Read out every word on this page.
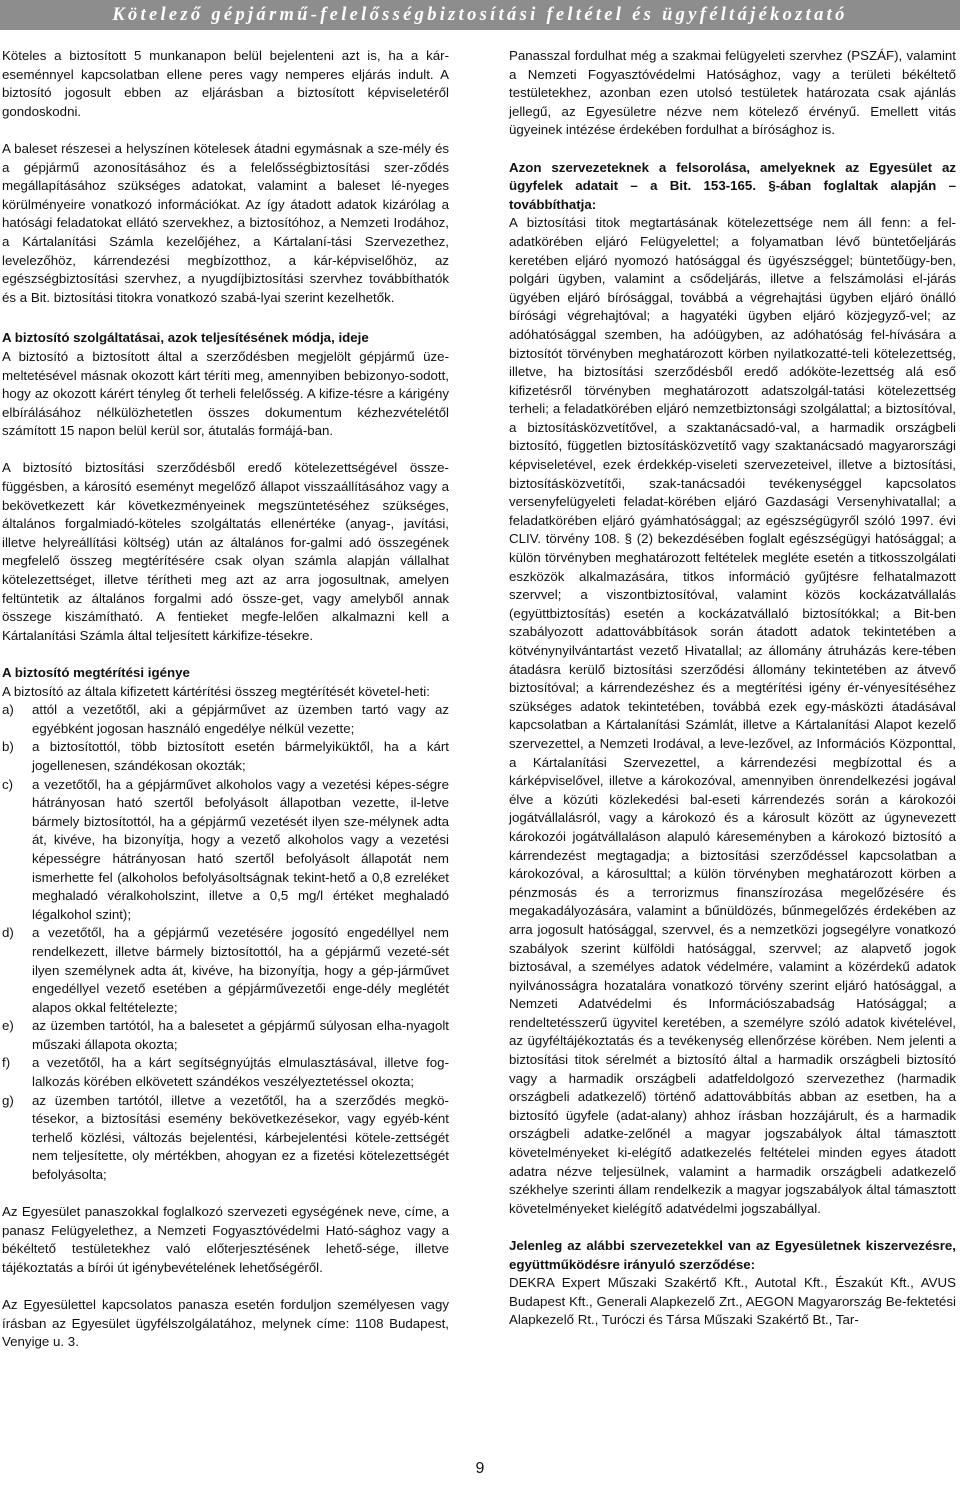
Kötelező gépjármű-felelősségbiztosítási feltétel és ügyféltájékoztató

Köteles a biztosított 5 munkanapon belül bejelenteni azt is, ha a kár-eseménnyel kapcsolatban ellene peres vagy nemperes eljárás indult. A biztosító jogosult ebben az eljárásban a biztosított képviseletéről gondoskodni.

A baleset részesei a helyszínen kötelesek átadni egymásnak a sze-mély és a gépjármű azonosításához és a felelősségbiztosítási szer-ződés megállapításához szükséges adatokat, valamint a baleset lé-nyeges körülményeire vonatkozó információkat. Az így átadott adatok kizárólag a hatósági feladatokat ellátó szervekhez, a biztosítóhoz, a Nemzeti Irodához, a Kártalanítási Számla kezelőjéhez, a Kártalaní-tási Szervezethez, levelezőhöz, kárrendezési megbízotthoz, a kár-képviselőhöz, az egészségbiztosítási szervhez, a nyugdíjbiztosítási szervhez továbbíthatók és a Bit. biztosítási titokra vonatkozó szabá-lyai szerint kezelhetők.

A biztosító szolgáltatásai, azok teljesítésének módja, ideje

A biztosító a biztosított által a szerződésben megjelölt gépjármű üze-meltetésével másnak okozott kárt téríti meg, amennyiben bebizonyo-sodott, hogy az okozott kárért tényleg őt terheli felelősség. A kifize-tésre a kárigény elbírálásához nélkülözhetetlen összes dokumentum kézhezvételétől számított 15 napon belül kerül sor, átutalás formájá-ban.

A biztosító biztosítási szerződésből eredő kötelezettségével össze-függésben, a károsító eseményt megelőző állapot visszaállításához vagy a bekövetkezett kár következményeinek megszüntetéséhez szükséges, általános forgalmiadó-köteles szolgáltatás ellenértéke (anyag-, javítási, illetve helyreállítási költség) után az általános for-galmi adó összegének megfelelő összeg megtérítésére csak olyan számla alapján vállalhat kötelezettséget, illetve térítheti meg azt az arra jogosultnak, amelyen feltüntetik az általános forgalmi adó össze-get, vagy amelyből annak összege kiszámítható. A fentieket megfe-lelően alkalmazni kell a Kártalanítási Számla által teljesített kárkifize-tésekre.

A biztosító megtérítési igénye

A biztosító az általa kifizetett kártérítési összeg megtérítését követel-heti:

a)	attól a vezetőtől, aki a gépjárművet az üzemben tartó vagy az egyébként jogosan használó engedélye nélkül vezette;
b)	a biztosítottól, több biztosított esetén bármelyiküktől, ha a kárt jogellenesen, szándékosan okozták;
c)	a vezetőtől, ha a gépjárművet alkoholos vagy a vezetési képes-ségre hátrányosan ható szertől befolyásolt állapotban vezette, il-letve bármely biztosítottól, ha a gépjármű vezetését ilyen sze-mélynek adta át, kivéve, ha bizonyítja, hogy a vezető alkoholos vagy a vezetési képességre hátrányosan ható szertől befolyásolt állapotát nem ismerhette fel (alkoholos befolyásoltságnak tekint-hető a 0,8 ezreléket meghaladó véralkoholszint, illetve a 0,5 mg/l értéket meghaladó légalkohol szint);
d)	a vezetőtől, ha a gépjármű vezetésére jogosító engedéllyel nem rendelkezett, illetve bármely biztosítottól, ha a gépjármű vezeté-sét ilyen személynek adta át, kivéve, ha bizonyítja, hogy a gép-járművet engedéllyel vezető esetében a gépjárművezetői enge-dély meglétét alapos okkal feltételezte;
e)	az üzemben tartótól, ha a balesetet a gépjármű súlyosan elha-nyagolt műszaki állapota okozta;
f)	a vezetőtől, ha a kárt segítségnyújtás elmulasztásával, illetve fog-lalkozás körében elkövetett szándékos veszélyeztetéssel okozta;
g)	az üzemben tartótól, illetve a vezetőtől, ha a szerződés megkö-tésekor, a biztosítási esemény bekövetkezésekor, vagy egyéb-ként terhelő közlési, változás bejelentési, kárbejelentési kötele-zettségét nem teljesítette, oly mértékben, ahogyan ez a fizetési kötelezettségét befolyásolta;

Az Egyesület panaszokkal foglalkozó szervezeti egységének neve, címe, a panasz Felügyelethez, a Nemzeti Fogyasztóvédelmi Ható-sághoz vagy a békéltető testületekhez való előterjesztésének lehető-sége, illetve tájékoztatás a bírói út igénybevételének lehetőségéről.

Az Egyesülettel kapcsolatos panasza esetén forduljon személyesen vagy írásban az Egyesület ügyfélszolgálatához, melynek címe: 1108 Budapest, Venyige u. 3.

Panasszal fordulhat még a szakmai felügyeleti szervhez (PSZÁF), valamint a Nemzeti Fogyasztóvédelmi Hatósághoz, vagy a területi békéltető testületekhez, azonban ezen utolsó testületek határozata csak ajánlás jellegű, az Egyesületre nézve nem kötelező érvényű. Emellett vitás ügyeinek intézése érdekében fordulhat a bírósághoz is.

Azon szervezeteknek a felsorolása, amelyeknek az Egyesület az ügyfelek adatait – a Bit. 153-165. §-ában foglaltak alapján – továbbíthatja:

A biztosítási titok megtartásának kötelezettsége nem áll fenn: a fel-adatkörében eljáró Felügyelettel; a folyamatban lévő büntetőeljárás keretében eljáró nyomozó hatósággal és ügyészséggel; büntetőügy-ben, polgári ügyben, valamint a csődeljárás, illetve a felszámolási el-járás ügyében eljáró bírósággal, továbbá a végrehajtási ügyben eljáró önálló bírósági végrehajtóval; a hagyatéki ügyben eljáró közjegyző-vel; az adóhatósággal szemben, ha adóügyben, az adóhatóság fel-hívására a biztosítót törvényben meghatározott körben nyilatkozatté-teli kötelezettség, illetve, ha biztosítási szerződésből eredő adóköte-lezettség alá eső kifizetésről törvényben meghatározott adatszolgál-tatási kötelezettség terheli; a feladatkörében eljáró nemzetbiztonsági szolgálattal; a biztosítóval, a biztosításközvetítővel, a szaktanácsadó-val, a harmadik országbeli biztosító, független biztosításközvetítő vagy szaktanácsadó magyarországi képviseletével, ezek érdekkép-viseleti szervezeteivel, illetve a biztosítási, biztosításközvetítői, szak-tanácsadói tevékenységgel kapcsolatos versenyfelügyeleti feladat-körében eljáró Gazdasági Versenyhivatallal; a feladatkörében eljáró gyámhatósággal; az egészségügyről szóló 1997. évi CLIV. törvény 108. § (2) bekezdésében foglalt egészségügyi hatósággal; a külön törvényben meghatározott feltételek megléte esetén a titkosszolgálati eszközök alkalmazására, titkos információ gyűjtésre felhatalmazott szervvel; a viszontbiztosítóval, valamint közös kockázatvállalás (együttbiztosítás) esetén a kockázatvállaló biztosítókkal; a Bit-ben szabályozott adattovábbítások során átadott adatok tekintetében a kötvénynyilvántartást vezető Hivatallal; az állomány átruházás kere-tében átadásra kerülő biztosítási szerződési állomány tekintetében az átvevő biztosítóval; a kárrendezéshez és a megtérítési igény ér-vényesítéséhez szükséges adatok tekintetében, továbbá ezek egy-másközti átadásával kapcsolatban a Kártalanítási Számlát, illetve a Kártalanítási Alapot kezelő szervezettel, a Nemzeti Irodával, a leve-lezővel, az Információs Központtal, a Kártalanítási Szervezettel, a kárrendezési megbízottal és a kárképviselővel, illetve a károkozóval, amennyiben önrendelkezési jogával élve a közúti közlekedési bal-eseti kárrendezés során a károkozói jogátvállalásról, vagy a károkozó és a károsult között az úgynevezett károkozói jogátvállaláson alapuló káreseményben a károkozó biztosító a kárrendezést megtagadja; a biztosítási szerződéssel kapcsolatban a károkozóval, a károsulttal; a külön törvényben meghatározott körben a pénzmosás és a terrorizmus finanszírozása megelőzésére és megakadályozására, valamint a bűnüldözés, bűnmegelőzés érdekében az arra jogosult hatósággal, szervvel, és a nemzetközi jogsegélyre vonatkozó szabályok szerint külföldi hatósággal, szervvel; az alapvető jogok biztosával, a személyes adatok védelmére, valamint a közérdekű adatok nyilvánosságra hozatalára vonatkozó törvény szerint eljáró hatósággal, a Nemzeti Adatvédelmi és Információszabadság Hatósággal; a rendeltetésszerű ügyvitel keretében, a személyre szóló adatok kivételével, az ügyféltájékoztatás és a tevékenység ellenőrzése körében. Nem jelenti a biztosítási titok sérelmét a biztosító által a harmadik országbeli biztosító vagy a harmadik országbeli adatfeldolgozó szervezethez (harmadik országbeli adatkezelő) történő adattovábbítás abban az esetben, ha a biztosító ügyfele (adat-alany) ahhoz írásban hozzájárult, és a harmadik országbeli adatke-zelőnél a magyar jogszabályok által támasztott követelményeket ki-elégítő adatkezelés feltételei minden egyes átadott adatra nézve teljesülnek, valamint a harmadik országbeli adatkezelő székhelye szerinti állam rendelkezik a magyar jogszabályok által támasztott követelményeket kielégítő adatvédelmi jogszabállyal.

Jelenleg az alábbi szervezetekkel van az Egyesületnek kiszervezésre, együttműködésre irányuló szerződése:

DEKRA Expert Műszaki Szakértő Kft., Autotal Kft., Északút Kft., AVUS Budapest Kft., Generali Alapkezelő Zrt., AEGON Magyarország Be-fektetési Alapkezelő Rt., Turóczi és Társa Műszaki Szakértő Bt., Tar-

9
